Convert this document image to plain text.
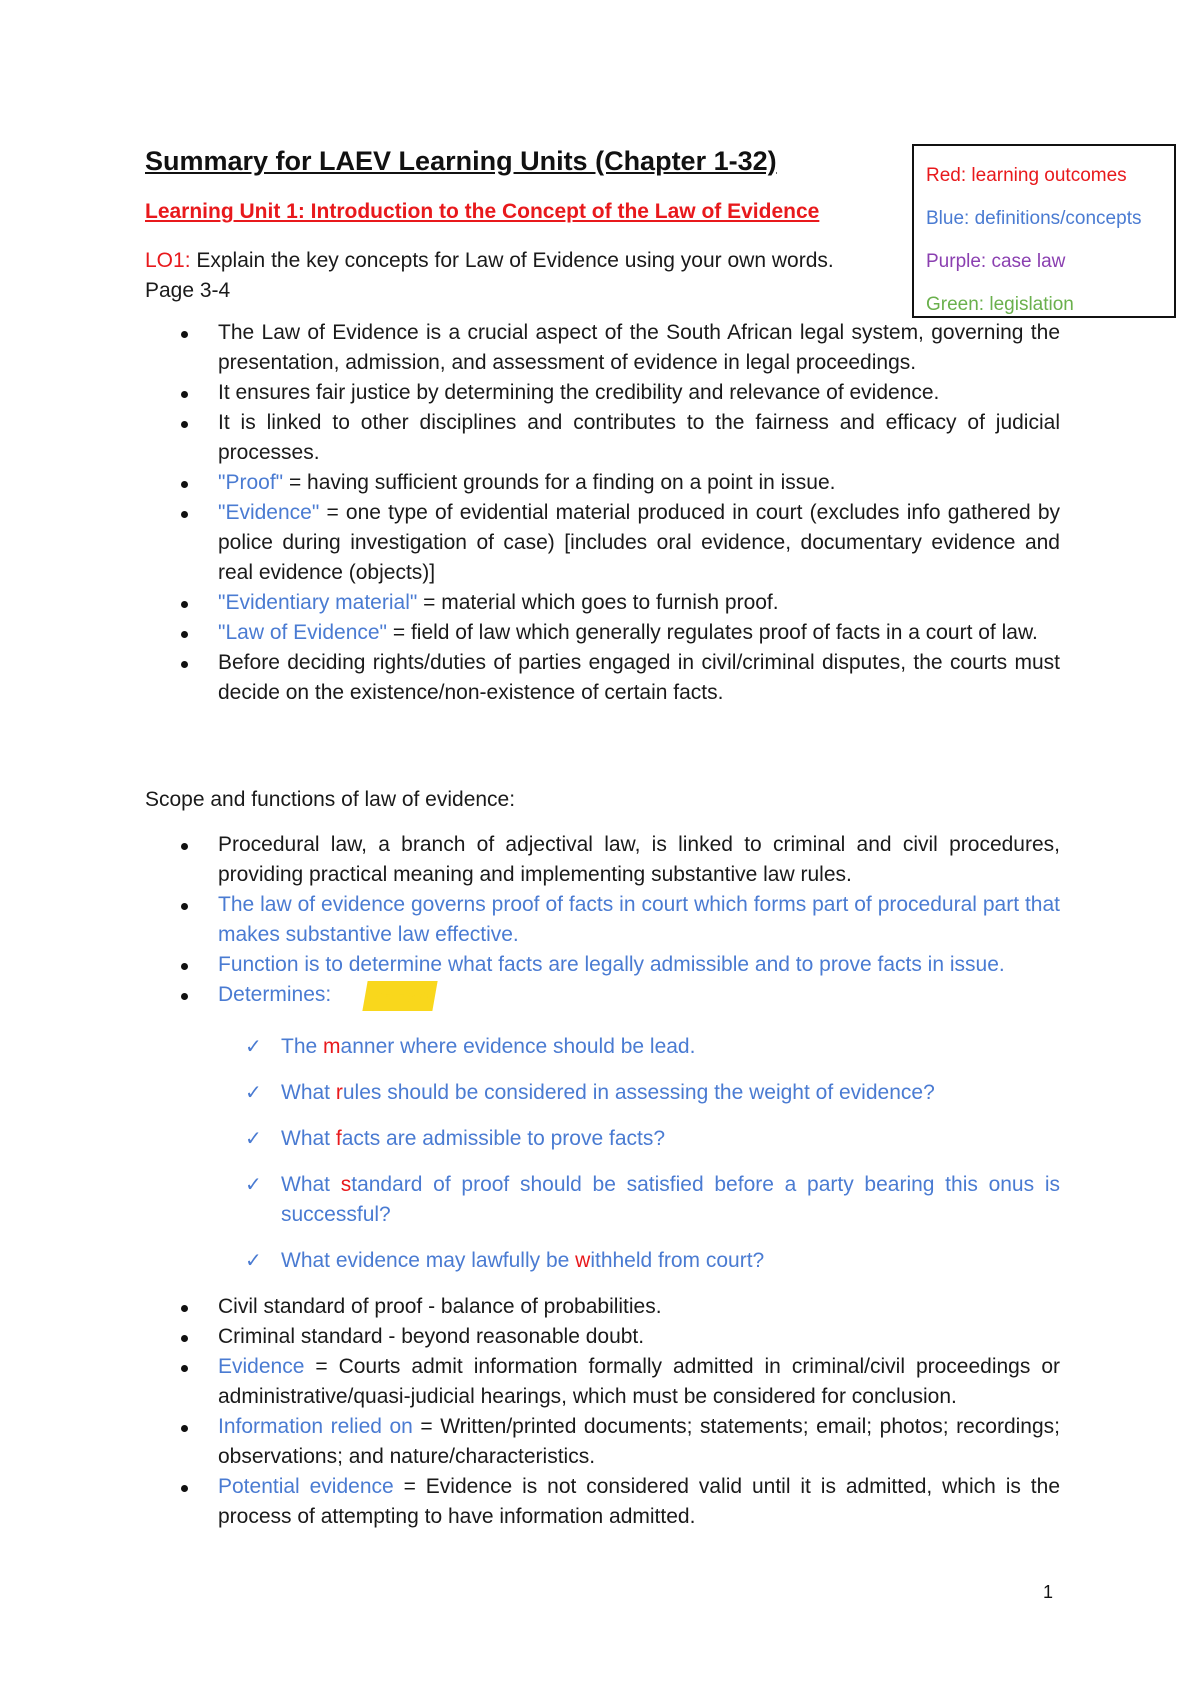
Summary for LAEV Learning Units (Chapter 1-32)
Learning Unit 1: Introduction to the Concept of the Law of Evidence
LO1: Explain the key concepts for Law of Evidence using your own words.
Page 3-4
Red: learning outcomes
Blue: definitions/concepts
Purple: case law
Green: legislation
The Law of Evidence is a crucial aspect of the South African legal system, governing the presentation, admission, and assessment of evidence in legal proceedings.
It ensures fair justice by determining the credibility and relevance of evidence.
It is linked to other disciplines and contributes to the fairness and efficacy of judicial processes.
"Proof" = having sufficient grounds for a finding on a point in issue.
"Evidence" = one type of evidential material produced in court (excludes info gathered by police during investigation of case) [includes oral evidence, documentary evidence and real evidence (objects)]
"Evidentiary material" = material which goes to furnish proof.
"Law of Evidence" = field of law which generally regulates proof of facts in a court of law.
Before deciding rights/duties of parties engaged in civil/criminal disputes, the courts must decide on the existence/non-existence of certain facts.
Scope and functions of law of evidence:
Procedural law, a branch of adjectival law, is linked to criminal and civil procedures, providing practical meaning and implementing substantive law rules.
The law of evidence governs proof of facts in court which forms part of procedural part that makes substantive law effective.
Function is to determine what facts are legally admissible and to prove facts in issue.
Determines: MRFSW
✓ The manner where evidence should be lead.
✓ What rules should be considered in assessing the weight of evidence?
✓ What facts are admissible to prove facts?
✓ What standard of proof should be satisfied before a party bearing this onus is successful?
✓ What evidence may lawfully be withheld from court?
Civil standard of proof - balance of probabilities.
Criminal standard - beyond reasonable doubt.
Evidence = Courts admit information formally admitted in criminal/civil proceedings or administrative/quasi-judicial hearings, which must be considered for conclusion.
Information relied on = Written/printed documents; statements; email; photos; recordings; observations; and nature/characteristics.
Potential evidence = Evidence is not considered valid until it is admitted, which is the process of attempting to have information admitted.
1
